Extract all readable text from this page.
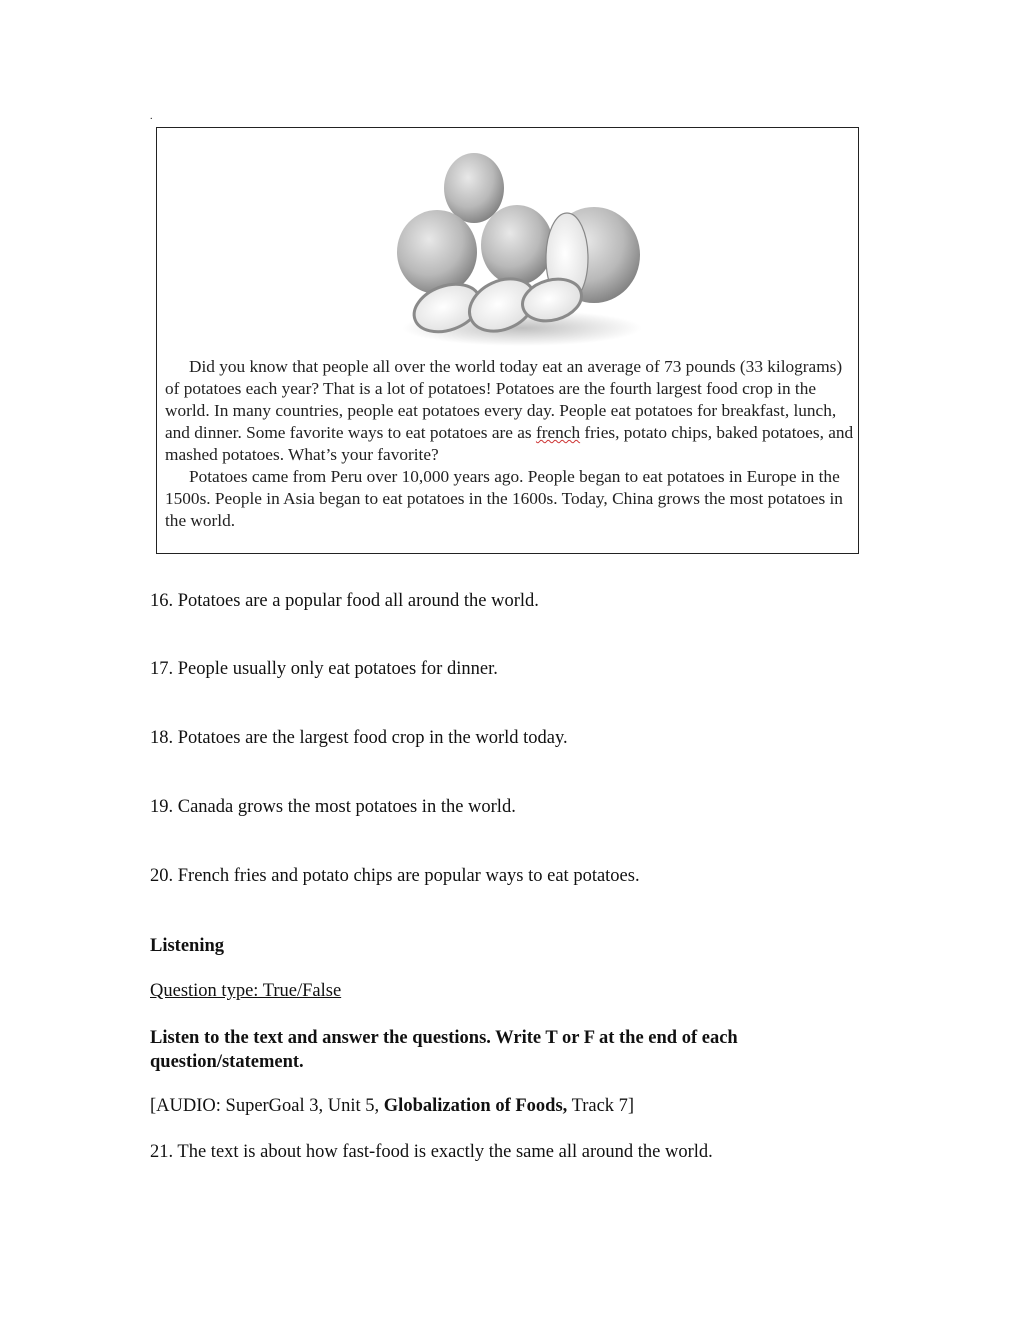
.

Did you know that people all over the world today eat an average of 73 pounds (33 kilograms) of potatoes each year? That is a lot of potatoes! Potatoes are the fourth largest food crop in the world. In many countries, people eat potatoes every day. People eat potatoes for breakfast, lunch, and dinner. Some favorite ways to eat potatoes are as french fries, potato chips, baked potatoes, and mashed potatoes. What’s your favorite?

Potatoes came from Peru over 10,000 years ago. People began to eat potatoes in Europe in the 1500s. People in Asia began to eat potatoes in the 1600s. Today, China grows the most potatoes in the world.

16. Potatoes are a popular food all around the world.
17. People usually only eat potatoes for dinner.
18. Potatoes are the largest food crop in the world today.
19. Canada grows the most potatoes in the world.
20. French fries and potato chips are popular ways to eat potatoes.
Listening
Question type: True/False
Listen to the text and answer the questions. Write T or F at the end of each question/statement.
[AUDIO: SuperGoal 3, Unit 5, Globalization of Foods, Track 7]
21. The text is about how fast-food is exactly the same all around the world.
